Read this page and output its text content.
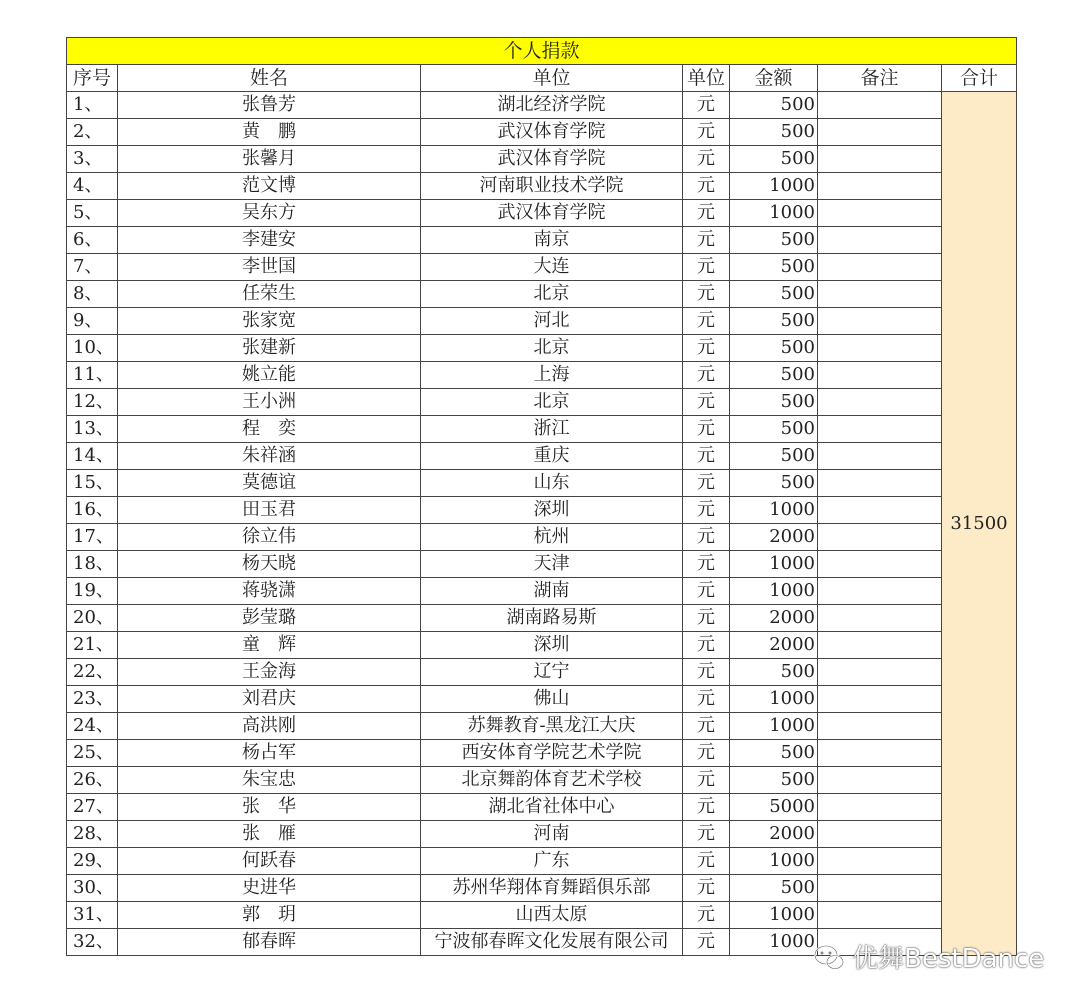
个人捐款						
序号	姓名	单位	单位	金额	备注	合计
1、	张鲁芳	湖北经济学院	元	500		31500
2、	黄　鹏	武汉体育学院	元	500		
3、	张馨月	武汉体育学院	元	500		
4、	范文博	河南职业技术学院	元	1000		
5、	吴东方	武汉体育学院	元	1000		
6、	李建安	南京	元	500		
7、	李世国	大连	元	500		
8、	任荣生	北京	元	500		
9、	张家宽	河北	元	500		
10、	张建新	北京	元	500		
11、	姚立能	上海	元	500		
12、	王小洲	北京	元	500		
13、	程　奕	浙江	元	500		
14、	朱祥涵	重庆	元	500		
15、	莫德谊	山东	元	500		
16、	田玉君	深圳	元	1000		
17、	徐立伟	杭州	元	2000		
18、	杨天晓	天津	元	1000		
19、	蒋骁潇	湖南	元	1000		
20、	彭莹璐	湖南路易斯	元	2000		
21、	童　辉	深圳	元	2000		
22、	王金海	辽宁	元	500		
23、	刘君庆	佛山	元	1000		
24、	高洪刚	苏舞教育-黑龙江大庆	元	1000		
25、	杨占军	西安体育学院艺术学院	元	500		
26、	朱宝忠	北京舞韵体育艺术学校	元	500		
27、	张　华	湖北省社体中心	元	5000		
28、	张　雁	河南	元	2000		
29、	何跃春	广东	元	1000		
30、	史进华	苏州华翔体育舞蹈俱乐部	元	500		
31、	郭　玥	山西太原	元	1000		
32、	郁春晖	宁波郁春晖文化发展有限公司	元	1000		
优舞BestDance
